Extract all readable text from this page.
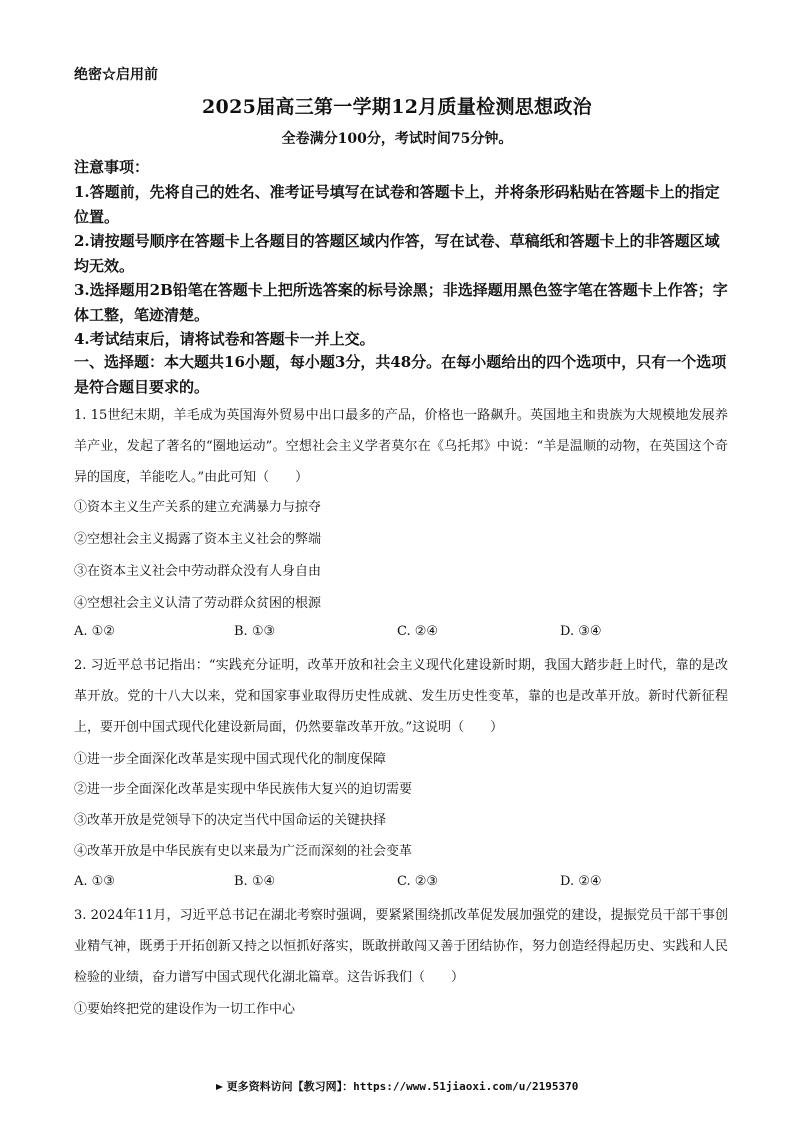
绝密☆启用前
2025届高三第一学期12月质量检测思想政治
全卷满分100分，考试时间75分钟。
注意事项：

1.答题前，先将自己的姓名、准考证号填写在试卷和答题卡上，并将条形码粘贴在答题卡上的指定位置。

2.请按题号顺序在答题卡上各题目的答题区域内作答，写在试卷、草稿纸和答题卡上的非答题区域均无效。

3.选择题用2B铅笔在答题卡上把所选答案的标号涂黑；非选择题用黑色签字笔在答题卡上作答；字体工整，笔迹清楚。

4.考试结束后，请将试卷和答题卡一并上交。

一、选择题：本大题共16小题，每小题3分，共48分。在每小题给出的四个选项中，只有一个选项是符合题目要求的。

1. 15世纪末期，羊毛成为英国海外贸易中出口最多的产品，价格也一路飙升。英国地主和贵族为大规模地发展养羊产业，发起了著名的“圈地运动”。空想社会主义学者莫尔在《乌托邦》中说：“羊是温顺的动物，在英国这个奇异的国度，羊能吃人。”由此可知（　　）

①资本主义生产关系的建立充满暴力与掠夺
②空想社会主义揭露了资本主义社会的弊端
③在资本主义社会中劳动群众没有人身自由
④空想社会主义认清了劳动群众贫困的根源
A. ①②	B. ①③	C. ②④	D. ③④

2. 习近平总书记指出：“实践充分证明，改革开放和社会主义现代化建设新时期，我国大踏步赶上时代，靠的是改革开放。党的十八大以来，党和国家事业取得历史性成就、发生历史性变革，靠的也是改革开放。新时代新征程上，要开创中国式现代化建设新局面，仍然要靠改革开放。”这说明（　　）

①进一步全面深化改革是实现中国式现代化的制度保障
②进一步全面深化改革是实现中华民族伟大复兴的迫切需要
③改革开放是党领导下的决定当代中国命运的关键抉择
④改革开放是中华民族有史以来最为广泛而深刻的社会变革
A. ①③	B. ①④	C. ②③	D. ②④

3. 2024年11月，习近平总书记在湖北考察时强调，要紧紧围绕抓改革促发展加强党的建设，提振党员干部干事创业精气神，既勇于开拓创新又持之以恒抓好落实，既敢拼敢闯又善于团结协作，努力创造经得起历史、实践和人民检验的业绩，奋力谱写中国式现代化湖北篇章。这告诉我们（　　）

①要始终把党的建设作为一切工作中心
更多资料访问【教习网】：https://www.51jiaoxi.com/u/2195370
